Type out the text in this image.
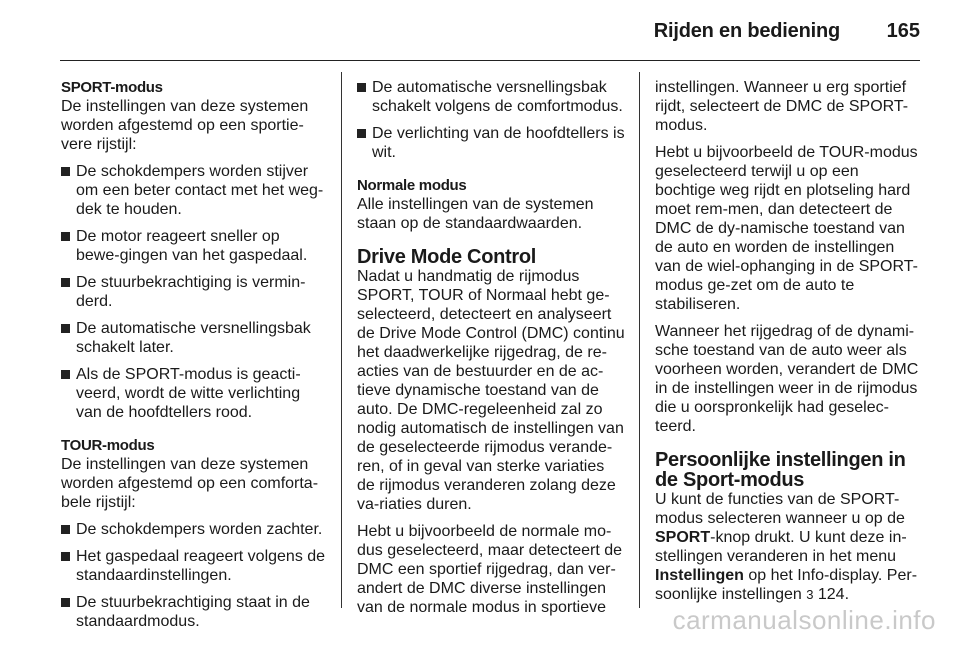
Rijden en bediening 165
SPORT-modus

De instellingen van deze systemen worden afgestemd op een sportie-vere rijstijl:

De schokdempers worden stijver om een beter contact met het weg-dek te houden.
De motor reageert sneller op bewe-gingen van het gaspedaal.
De stuurbekrachtiging is vermin-derd.
De automatische versnellingsbak schakelt later.
Als de SPORT-modus is geacti-veerd, wordt de witte verlichting van de hoofdtellers rood.
TOUR-modus

De instellingen van deze systemen worden afgestemd op een comforta-bele rijstijl:

De schokdempers worden zachter.
Het gaspedaal reageert volgens de standaardinstellingen.
De stuurbekrachtiging staat in de standaardmodus.
De automatische versnellingsbak schakelt volgens de comfortmodus.
De verlichting van de hoofdtellers is wit.
Normale modus

Alle instellingen van de systemen staan op de standaardwaarden.

Drive Mode Control

Nadat u handmatig de rijmodus SPORT, TOUR of Normaal hebt ge-selecteerd, detecteert en analyseert de Drive Mode Control (DMC) continu het daadwerkelijke rijgedrag, de re-acties van de bestuurder en de ac-tieve dynamische toestand van de auto. De DMC-regeleenheid zal zo nodig automatisch de instellingen van de geselecteerde rijmodus verande-ren, of in geval van sterke variaties de rijmodus veranderen zolang deze va-riaties duren.

Hebt u bijvoorbeeld de normale mo-dus geselecteerd, maar detecteert de DMC een sportief rijgedrag, dan ver-andert de DMC diverse instellingen van de normale modus in sportieve

instellingen. Wanneer u erg sportief rijdt, selecteert de DMC de SPORT-modus.

Hebt u bijvoorbeeld de TOUR-modus geselecteerd terwijl u op een bochtige weg rijdt en plotseling hard moet rem-men, dan detecteert de DMC de dy-namische toestand van de auto en worden de instellingen van de wiel-ophanging in de SPORT-modus ge-zet om de auto te stabiliseren.

Wanneer het rijgedrag of de dynami-sche toestand van de auto weer als voorheen worden, verandert de DMC in de instellingen weer in de rijmodus die u oorspronkelijk had geselec-teerd.

Persoonlijke instellingen in de Sport-modus

U kunt de functies van de SPORT-modus selecteren wanneer u op de SPORT-knop drukt. U kunt deze in-stellingen veranderen in het menu Instellingen op het Info-display. Per-soonlijke instellingen 3 124.

carmanualsonline.info
